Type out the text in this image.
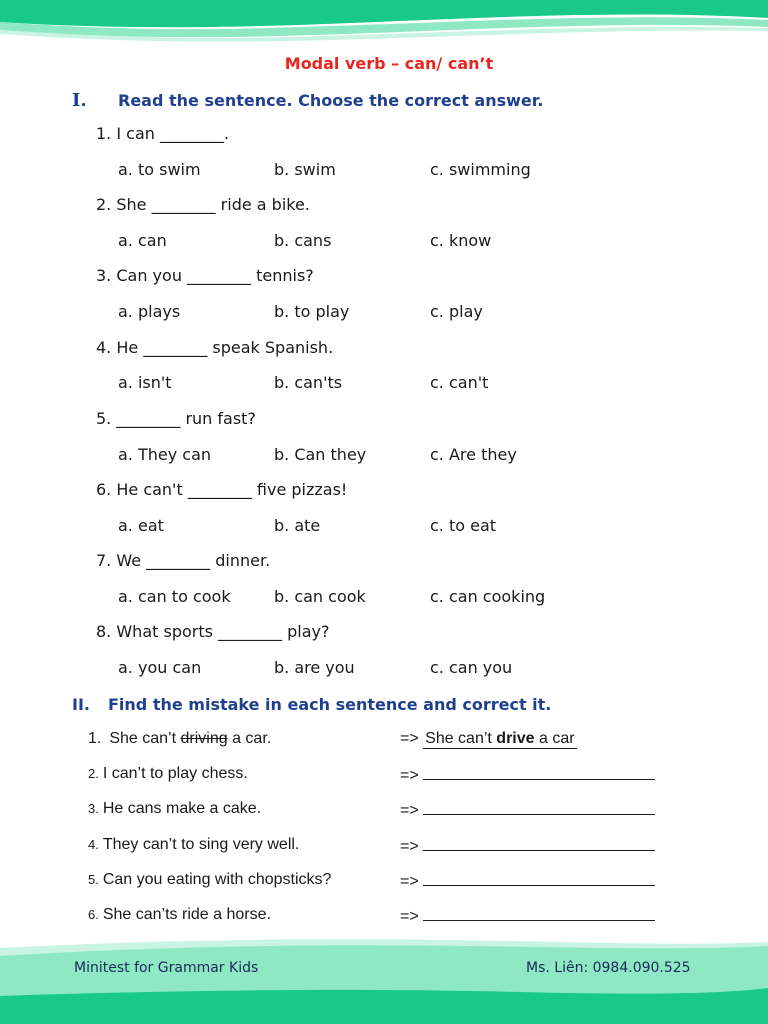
Modal verb – can/ can’t
I. Read the sentence. Choose the correct answer.
1. I can ________.
a. to swim	b. swim	c. swimming
2. She ________ ride a bike.
a. can	b. cans	c. know
3. Can you ________ tennis?
a. plays	b. to play	c. play
4. He ________ speak Spanish.
a. isn't	b. can'ts	c. can't
5. ________ run fast?
a. They can	b. Can they	c. Are they
6. He can't ________ five pizzas!
a. eat	b. ate	c. to eat
7. We ________ dinner.
a. can to cook	b. can cook	c. can cooking
8. What sports ________ play?
a. you can	b. are you	c. can you
II. Find the mistake in each sentence and correct it.
1. She can’t driving a car.	=> She can’t drive a car
2. I can’t to play chess.	=>
3. He cans make a cake.	=>
4. They can’t to sing very well.	=>
5. Can you eating with chopsticks?	=>
6. She can’ts ride a horse.	=>
Minitest for Grammar Kids	Ms. Liên: 0984.090.525
